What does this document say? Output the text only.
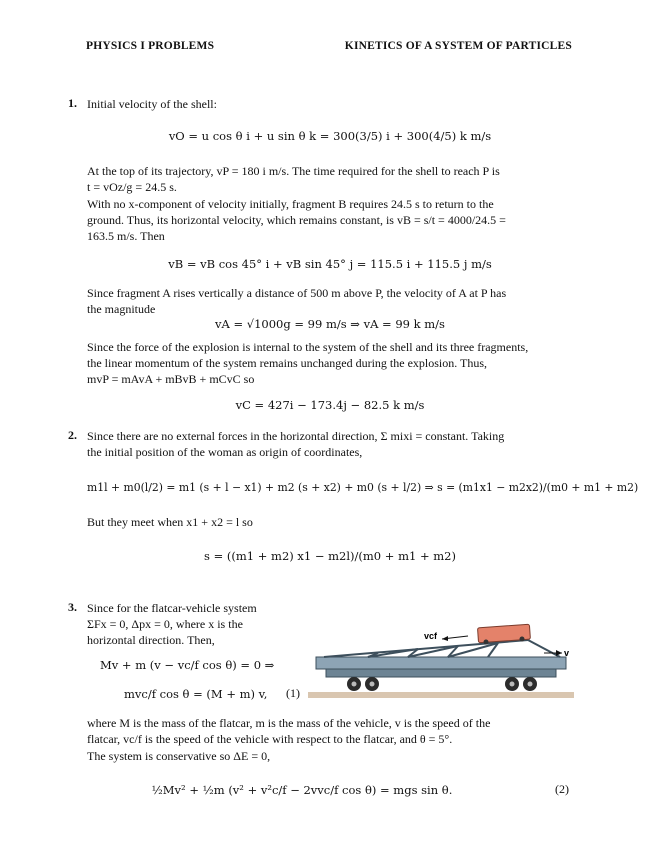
PHYSICS I PROBLEMS	KINETICS OF A SYSTEM OF PARTICLES
1. Initial velocity of the shell:
vO = u cos θ i + u sin θ k = 300(3/5) i + 300(4/5) k m/s
At the top of its trajectory, vP = 180 i m/s. The time required for the shell to reach P is
t = vOz/g = 24.5 s.
With no x-component of velocity initially, fragment B requires 24.5 s to return to the
ground. Thus, its horizontal velocity, which remains constant, is vB = s/t = 4000/24.5 =
163.5 m/s. Then
vB = vB cos 45° i + vB sin 45° j = 115.5 i + 115.5 j m/s
Since fragment A rises vertically a distance of 500 m above P, the velocity of A at P has
the magnitude
vA = √1000g = 99 m/s ⇒ vA = 99 k m/s
Since the force of the explosion is internal to the system of the shell and its three fragments,
the linear momentum of the system remains unchanged during the explosion. Thus,
mvP = mAvA + mBvB + mCvC so
vC = 427i − 173.4j − 82.5 k m/s
2. Since there are no external forces in the horizontal direction, Σ mixi = constant. Taking
the initial position of the woman as origin of coordinates,
m1l + m0(l/2) = m1 (s + l − x1) + m2 (s + x2) + m0 (s + l/2) ⇒ s = (m1x1 − m2x2)/(m0 + m1 + m2)
But they meet when x1 + x2 = l so
s = ((m1 + m2) x1 − m2l)/(m0 + m1 + m2)
3. Since for the flatcar-vehicle system
ΣFx = 0, Δpx = 0, where x is the
horizontal direction. Then,
Mv + m (v − vc/f cos θ) = 0 ⇒
mvc/f cos θ = (M + m) v,	(1)
vcf
v
where M is the mass of the flatcar, m is the mass of the vehicle, v is the speed of the
flatcar, vc/f is the speed of the vehicle with respect to the flatcar, and θ = 5°.
The system is conservative so ΔE = 0,
½Mv² + ½m (v² + v²c/f − 2vvc/f cos θ) = mgs sin θ.	(2)
